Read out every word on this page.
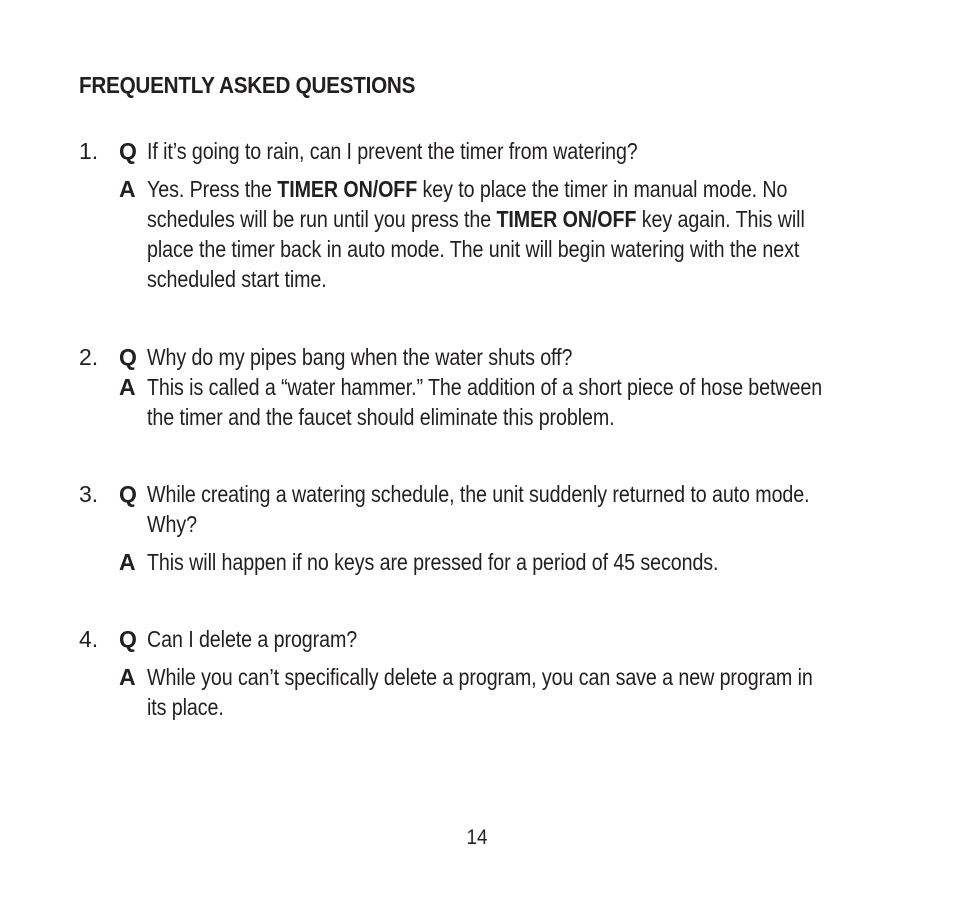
FREQUENTLY ASKED QUESTIONS
1. Q If it’s going to rain, can I prevent the timer from watering?
A Yes. Press the TIMER ON/OFF key to place the timer in manual mode. No schedules will be run until you press the TIMER ON/OFF key again. This will place the timer back in auto mode. The unit will begin watering with the next scheduled start time.
2. Q Why do my pipes bang when the water shuts off?
A This is called a “water hammer.” The addition of a short piece of hose between the timer and the faucet should eliminate this problem.
3. Q While creating a watering schedule, the unit suddenly returned to auto mode. Why?
A This will happen if no keys are pressed for a period of 45 seconds.
4. Q Can I delete a program?
A While you can’t specifically delete a program, you can save a new program in its place.
14
